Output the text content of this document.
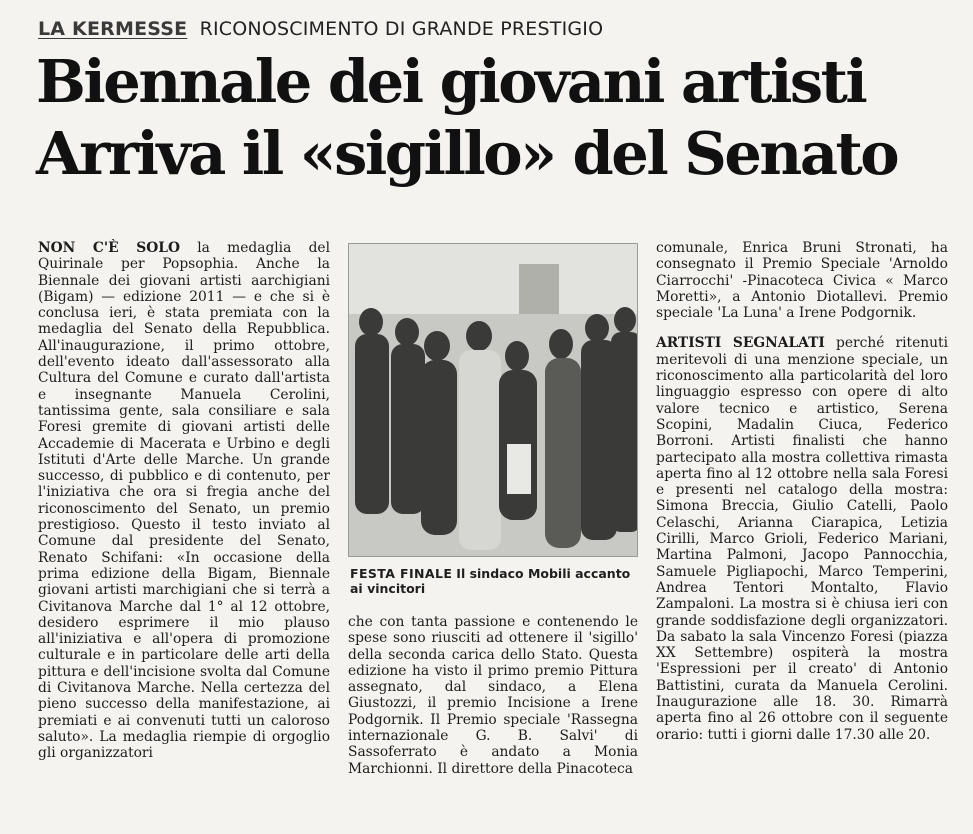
LA KERMESSE RICONOSCIMENTO DI GRANDE PRESTIGIO
Biennale dei giovani artisti
Arriva il «sigillo» del Senato

NON C'È SOLO la medaglia del Quirinale per Popsophia. Anche la Biennale dei giovani artisti aarchigiani (Bigam) — edizione 2011 — e che si è conclusa ieri, è stata premiata con la medaglia del Senato della Repubblica. All'inaugurazione, il primo ottobre, dell'evento ideato dall'assessorato alla Cultura del Comune e curato dall'artista e insegnante Manuela Cerolini, tantissima gente, sala consiliare e sala Foresi gremite di giovani artisti delle Accademie di Macerata e Urbino e degli Istituti d'Arte delle Marche. Un grande successo, di pubblico e di contenuto, per l'iniziativa che ora si fregia anche del riconoscimento del Senato, un premio prestigioso. Questo il testo inviato al Comune dal presidente del Senato, Renato Schifani: «In occasione della prima edizione della Bigam, Biennale giovani artisti marchigiani che si terrà a Civitanova Marche dal 1° al 12 ottobre, desidero esprimere il mio plauso all'iniziativa e all'opera di promozione culturale e in particolare delle arti della pittura e dell'incisione svolta dal Comune di Civitanova Marche. Nella certezza del pieno successo della manifestazione, ai premiati e ai convenuti tutti un caloroso saluto». La medaglia riempie di orgoglio gli organizzatori

FESTA FINALE Il sindaco Mobili accanto ai vincitori

che con tanta passione e contenendo le spese sono riusciti ad ottenere il 'sigillo' della seconda carica dello Stato. Questa edizione ha visto il primo premio Pittura assegnato, dal sindaco, a Elena Giustozzi, il premio Incisione a Irene Podgornik. Il Premio speciale 'Rassegna internazionale G. B. Salvi' di Sassoferrato è andato a Monia Marchionni. Il direttore della Pinacoteca

comunale, Enrica Bruni Stronati, ha consegnato il Premio Speciale 'Arnoldo Ciarrocchi' -Pinacoteca Civica « Marco Moretti», a Antonio Diotallevi. Premio speciale 'La Luna' a Irene Podgornik.

ARTISTI SEGNALATI perché ritenuti meritevoli di una menzione speciale, un riconoscimento alla particolarità del loro linguaggio espresso con opere di alto valore tecnico e artistico, Serena Scopini, Madalin Ciuca, Federico Borroni. Artisti finalisti che hanno partecipato alla mostra collettiva rimasta aperta fino al 12 ottobre nella sala Foresi e presenti nel catalogo della mostra: Simona Breccia, Giulio Catelli, Paolo Celaschi, Arianna Ciarapica, Letizia Cirilli, Marco Grioli, Federico Mariani, Martina Palmoni, Jacopo Pannocchia, Samuele Pigliapochi, Marco Temperini, Andrea Tentori Montalto, Flavio Zampaloni. La mostra si è chiusa ieri con grande soddisfazione degli organizzatori. Da sabato la sala Vincenzo Foresi (piazza XX Settembre) ospiterà la mostra 'Espressioni per il creato' di Antonio Battistini, curata da Manuela Cerolini. Inaugurazione alle 18. 30. Rimarrà aperta fino al 26 ottobre con il seguente orario: tutti i giorni dalle 17.30 alle 20.
